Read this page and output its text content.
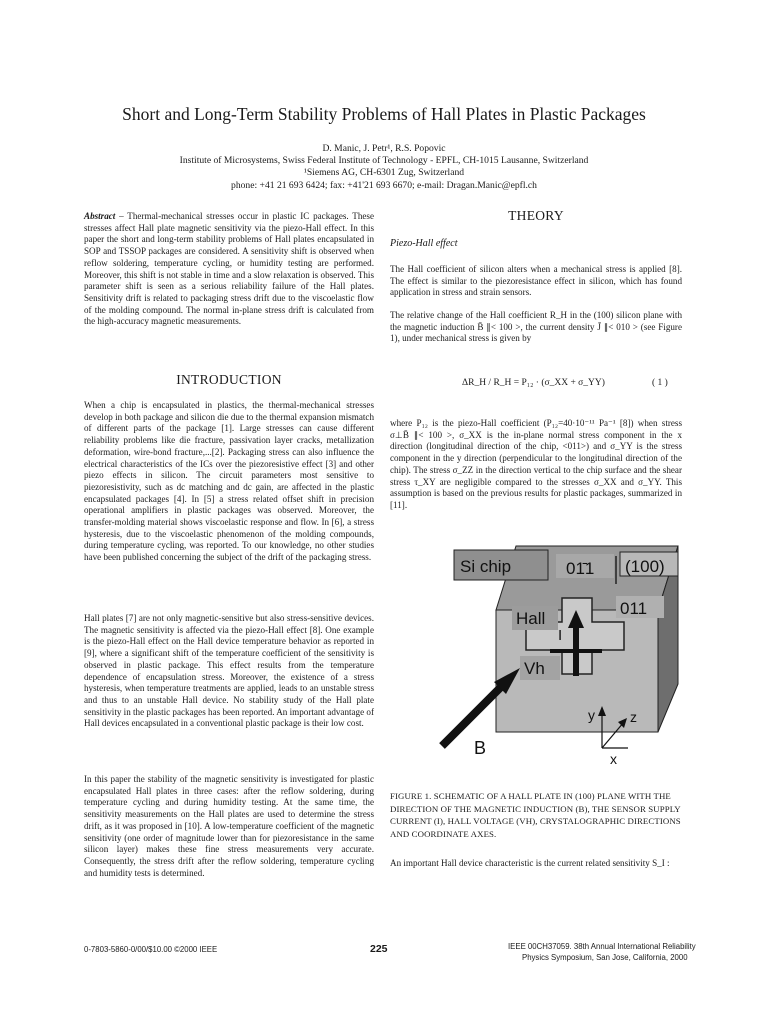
Short and Long-Term Stability Problems of Hall Plates in Plastic Packages
D. Manic, J. Petr¹, R.S. Popovic
Institute of Microsystems, Swiss Federal Institute of Technology - EPFL, CH-1015 Lausanne, Switzerland
¹Siemens AG, CH-6301 Zug, Switzerland
phone: +41 21 693 6424; fax: +41'21 693 6670; e-mail: Dragan.Manic@epfl.ch

Abstract – Thermal-mechanical stresses occur in plastic IC packages. These stresses affect Hall plate magnetic sensitivity via the piezo-Hall effect. In this paper the short and long-term stability problems of Hall plates encapsulated in SOP and TSSOP packages are considered. A sensitivity shift is observed when reflow soldering, temperature cycling, or humidity testing are performed. Moreover, this shift is not stable in time and a slow relaxation is observed. This parameter shift is seen as a serious reliability failure of the Hall plates. Sensitivity drift is related to packaging stress drift due to the viscoelastic flow of the molding compound. The normal in-plane stress drift is calculated from the high-accuracy magnetic measurements.

INTRODUCTION

When a chip is encapsulated in plastics, the thermal-mechanical stresses develop in both package and silicon die due to the thermal expansion mismatch of different parts of the package [1]. Large stresses can cause different reliability problems like die fracture, passivation layer cracks, metallization deformation, wire-bond fracture,...[2]. Packaging stress can also influence the electrical characteristics of the ICs over the piezoresistive effect [3] and other piezo effects in silicon. The circuit parameters most sensitive to piezoresistivity, such as dc matching and dc gain, are affected in the plastic encapsulated packages [4]. In [5] a stress related offset shift in precision operational amplifiers in plastic packages was observed. Moreover, the transfer-molding material shows viscoelastic response and flow. In [6], a stress hysteresis, due to the viscoelastic phenomenon of the molding compounds, during temperature cycling, was reported. To our knowledge, no other studies have been published concerning the subject of the drift of the packaging stress.

Hall plates [7] are not only magnetic-sensitive but also stress-sensitive devices. The magnetic sensitivity is affected via the piezo-Hall effect [8]. One example is the piezo-Hall effect on the Hall device temperature behavior as reported in [9], where a significant shift of the temperature coefficient of the sensitivity is observed in plastic package. This effect results from the temperature dependence of encapsulation stress. Moreover, the existence of a stress hysteresis, when temperature treatments are applied, leads to an unstable stress and thus to an unstable Hall device. No stability study of the Hall plate sensitivity in the plastic packages has been reported. An important advantage of Hall devices encapsulated in a conventional plastic package is their low cost.

In this paper the stability of the magnetic sensitivity is investigated for plastic encapsulated Hall plates in three cases: after the reflow soldering, during temperature cycling and during humidity testing. At the same time, the sensitivity measurements on the Hall plates are used to determine the stress drift, as it was proposed in [10]. A low-temperature coefficient of the magnetic sensitivity (one order of magnitude lower than for piezoresistance in the same silicon layer) makes these fine stress measurements very accurate. Consequently, the stress drift after the reflow soldering, temperature cycling and humidity tests is determined.

THEORY
Piezo-Hall effect

The Hall coefficient of silicon alters when a mechanical stress is applied [8]. The effect is similar to the piezoresistance effect in silicon, which has found application in stress and strain sensors.

The relative change of the Hall coefficient R_H in the (100) silicon plane with the magnetic induction B̄ ∥< 100 >, the current density J̄ ∥< 010 > (see Figure 1), under mechanical stress is given by

ΔR_H / R_H = P₁₂ · (σ_XX + σ_YY)	( 1 )

where P₁₂ is the piezo-Hall coefficient (P₁₂=40·10⁻¹¹ Pa⁻¹ [8]) when stress σ⊥B̄ ∥< 100 >, σ_XX is the in-plane normal stress component in the x direction (longitudinal direction of the chip, <011>) and σ_YY is the stress component in the y direction (perpendicular to the longitudinal direction of the chip). The stress σ_ZZ in the direction vertical to the chip surface and the shear stress τ_XY are negligible compared to the stresses σ_XX and σ_YY. This assumption is based on the previous results for plastic packages, summarized in [11].

Si chip	01̄1 (100)
011
Hall
I
Vh
B
y	z
x
FIGURE 1. SCHEMATIC OF A HALL PLATE IN (100) PLANE WITH THE DIRECTION OF THE MAGNETIC INDUCTION (B), THE SENSOR SUPPLY CURRENT (I), HALL VOLTAGE (VH), CRYSTALOGRAPHIC DIRECTIONS AND COORDINATE AXES.

An important Hall device characteristic is the current related sensitivity S_I :

0-7803-5860-0/00/$10.00 ©2000 IEEE	225	IEEE 00CH37059. 38th Annual International Reliability
Physics Symposium, San Jose, California, 2000
